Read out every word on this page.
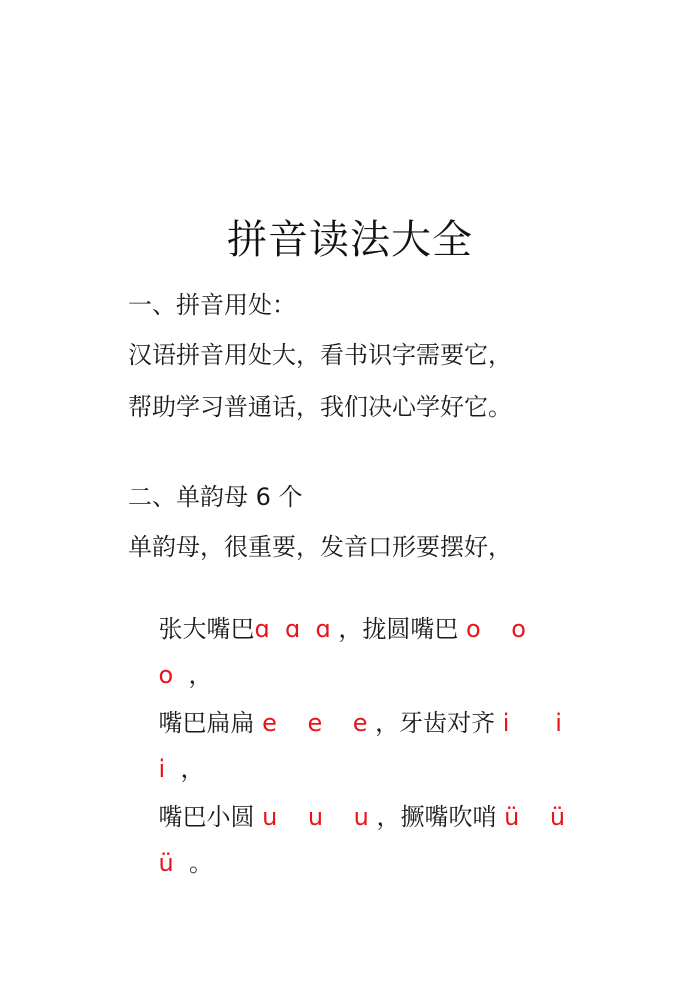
拼音读法大全
一、拼音用处：
汉语拼音用处大，看书识字需要它，
帮助学习普通话，我们决心学好它。
二、单韵母 6 个
单韵母，很重要，发音口形要摆好，

张大嘴巴ɑ  ɑ  ɑ ，拢圆嘴巴 o    o

o  ，

嘴巴扁扁 e    e    e ，牙齿对齐 i      i

i  ，

嘴巴小圆 u    u    u ，撅嘴吹哨 ü    ü

ü  。
